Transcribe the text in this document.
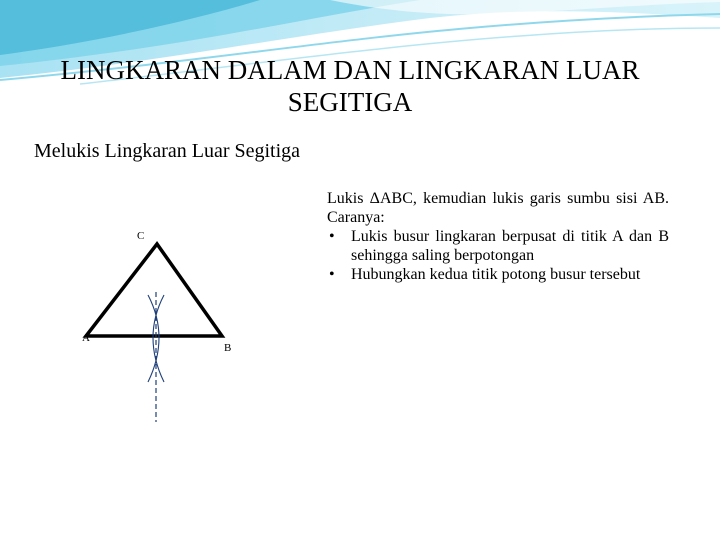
LINGKARAN DALAM DAN LINGKARAN LUAR
SEGITIGA
Melukis Lingkaran Luar Segitiga
C
A
B
Lukis ΔABC, kemudian lukis garis sumbu sisi AB. Caranya:
• Lukis busur lingkaran berpusat di titik A dan B sehingga saling berpotongan
• Hubungkan kedua titik potong busur tersebut
